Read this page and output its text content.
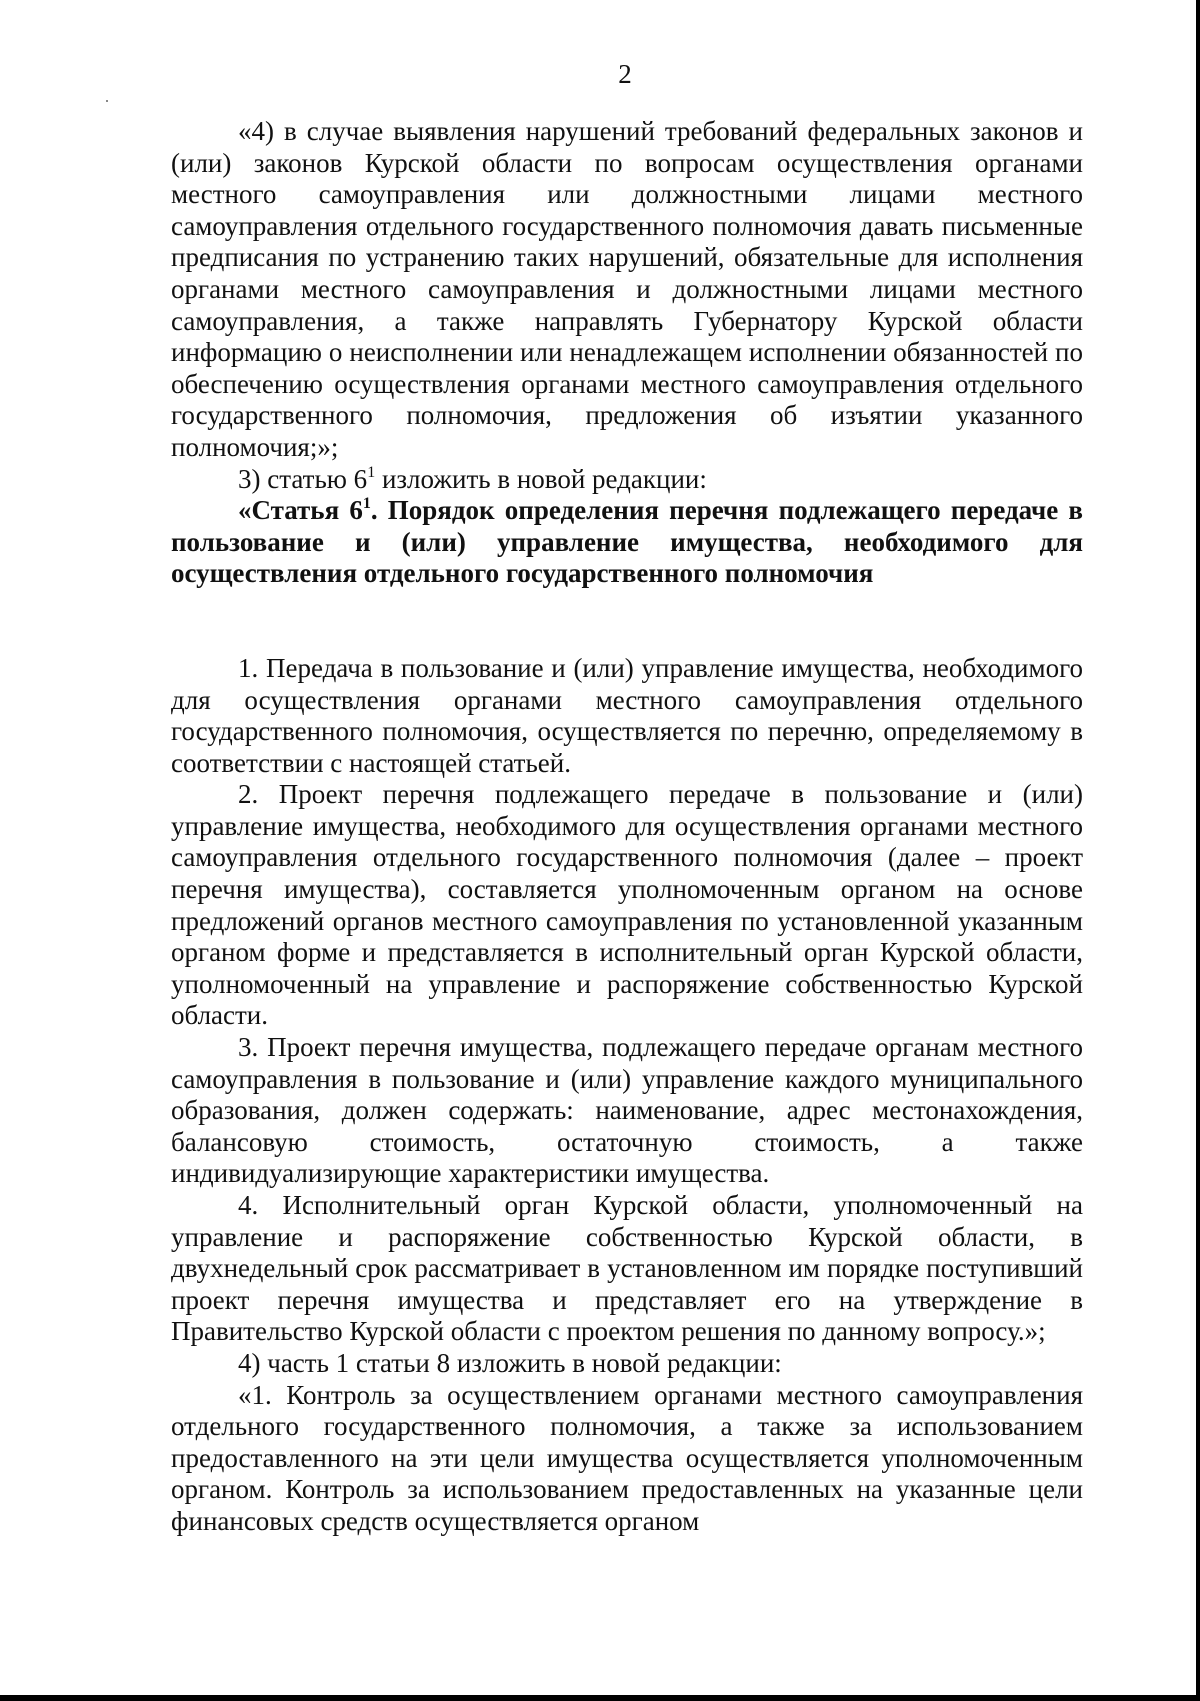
2

«4) в случае выявления нарушений требований федеральных законов и (или) законов Курской области по вопросам осуществления органами местного самоуправления или должностными лицами местного самоуправления отдельного государственного полномочия давать письменные предписания по устранению таких нарушений, обязательные для исполнения органами местного самоуправления и должностными лицами местного самоуправления, а также направлять Губернатору Курской области информацию о неисполнении или ненадлежащем исполнении обязанностей по обеспечению осуществления органами местного самоуправления отдельного государственного полномочия, предложения об изъятии указанного полномочия;»;

3) статью $6^1$ изложить в новой редакции:

«Статья $6^1$. Порядок определения перечня подлежащего передаче в пользование и (или) управление имущества, необходимого для осуществления отдельного государственного полномочия

1. Передача в пользование и (или) управление имущества, необходимого для осуществления органами местного самоуправления отдельного государственного полномочия, осуществляется по перечню, определяемому в соответствии с настоящей статьей.

2. Проект перечня подлежащего передаче в пользование и (или) управление имущества, необходимого для осуществления органами местного самоуправления отдельного государственного полномочия (далее – проект перечня имущества), составляется уполномоченным органом на основе предложений органов местного самоуправления по установленной указанным органом форме и представляется в исполнительный орган Курской области, уполномоченный на управление и распоряжение собственностью Курской области.

3. Проект перечня имущества, подлежащего передаче органам местного самоуправления в пользование и (или) управление каждого муниципального образования, должен содержать: наименование, адрес местонахождения, балансовую стоимость, остаточную стоимость, а также индивидуализирующие характеристики имущества.

4. Исполнительный орган Курской области, уполномоченный на управление и распоряжение собственностью Курской области, в двухнедельный срок рассматривает в установленном им порядке поступивший проект перечня имущества и представляет его на утверждение в Правительство Курской области с проектом решения по данному вопросу.»;

4) часть 1 статьи 8 изложить в новой редакции:

«1. Контроль за осуществлением органами местного самоуправления отдельного государственного полномочия, а также за использованием предоставленного на эти цели имущества осуществляется уполномоченным органом. Контроль за использованием предоставленных на указанные цели финансовых средств осуществляется органом
